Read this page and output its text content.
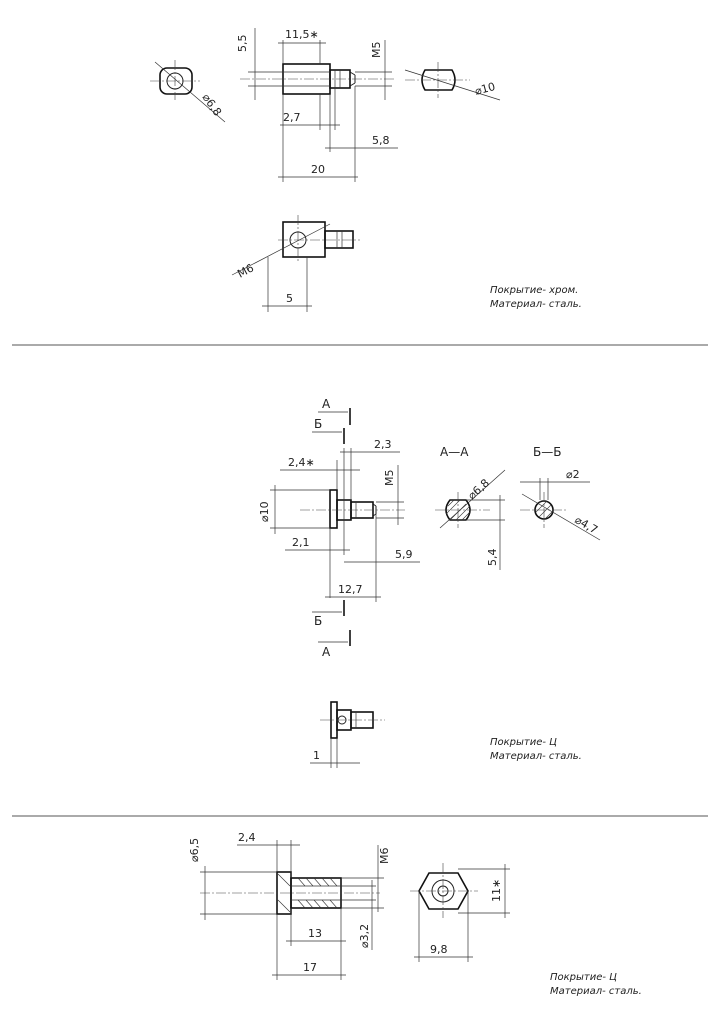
⌀6,8
5,5	11,5∗
M5
2,7
5,8
20
⌀10
M6
5
Покрытие- хром.
Материал- сталь.
А
Б
⌀10
2,3
2,4∗
M5
2,1
5,9
12,7
Б
А
А—А
⌀6,8
5,4
Б—Б
⌀2
⌀4,7
1
Покрытие- Ц
Материал- сталь.
⌀6,5
2,4
M6
13	⌀3,2
17
11∗
9,8
Покрытие- Ц
Материал- сталь.
